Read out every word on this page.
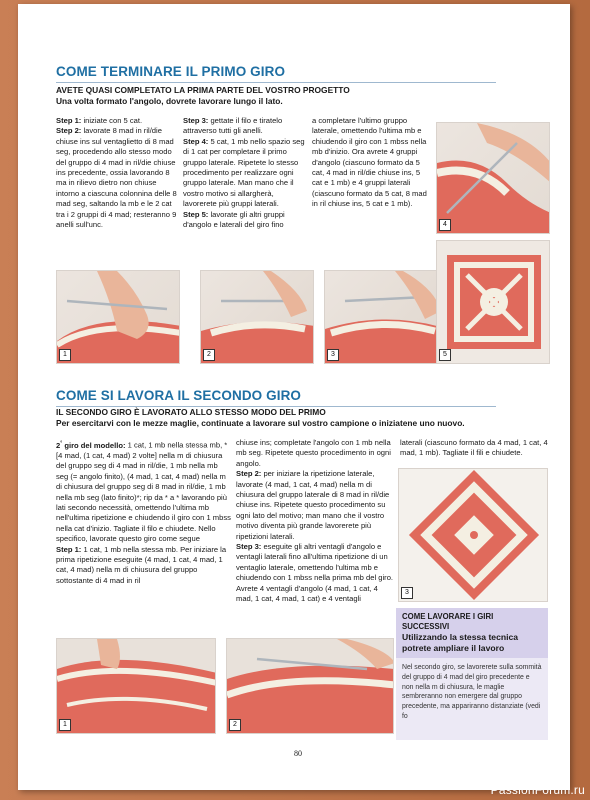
COME TERMINARE IL PRIMO GIRO
AVETE QUASI COMPLETATO LA PRIMA PARTE DEL VOSTRO PROGETTO
Una volta formato l'angolo, dovrete lavorare lungo il lato.

Step 1: iniziate con 5 cat.

Step 2: lavorate 8 mad in ril/die chiuse ins sul ventaglietto di 8 mad seg, procedendo allo stesso modo del gruppo di 4 mad in ril/die chiuse ins precedente, ossia lavorando 8 ma in rilievo dietro non chiuse intorno a ciascuna colonnina delle 8 mad seg, saltando la mb e le 2 cat tra i 2 gruppi di 4 mad; resteranno 9 anelli sull'unc.

Step 3: gettate il filo e tiratelo attraverso tutti gli anelli.

Step 4: 5 cat, 1 mb nello spazio seg di 1 cat per completare il primo gruppo laterale. Ripetete lo stesso procedimento per realizzare ogni gruppo laterale. Man mano che il vostro motivo si allargherà, lavorerete più gruppi laterali.

Step 5: lavorate gli altri gruppi d'angolo e laterali del giro fino

a completare l'ultimo gruppo laterale, omettendo l'ultima mb e chiudendo il giro con 1 mbss nella mb d'inizio. Ora avrete 4 gruppi d'angolo (ciascuno formato da 5 cat, 4 mad in ril/die chiuse ins, 5 cat e 1 mb) e 4 gruppi laterali (ciascuno formato da 5 cat, 8 mad in ril chiuse ins, 5 cat e 1 mb).
1	2	3
4
5
COME SI LAVORA IL SECONDO GIRO
IL SECONDO GIRO È LAVORATO ALLO STESSO MODO DEL PRIMO
Per esercitarvi con le mezze maglie, continuate a lavorare sul vostro campione o iniziatene uno nuovo.

2° giro del modello: 1 cat, 1 mb nella stessa mb, *[4 mad, (1 cat, 4 mad) 2 volte] nella m di chiusura del gruppo seg di 4 mad in ril/die, 1 mb nella mb seg (= angolo finito), (4 mad, 1 cat, 4 mad) nella m di chiusura del gruppo seg di 8 mad in ril/die, 1 mb nella mb seg (lato finito)*; rip da * a * lavorando più lati secondo necessità, omettendo l'ultima mb nell'ultima ripetizione e chiudendo il giro con 1 mbss nella cat d'inizio. Tagliate il filo e chiudete. Nello specifico, lavorate questo giro come segue

Step 1: 1 cat, 1 mb nella stessa mb. Per iniziare la prima ripetizione eseguite (4 mad, 1 cat, 4 mad, 1 cat, 4 mad) nella m di chiusura del gruppo sottostante di 4 mad in ril

chiuse ins; completate l'angolo con 1 mb nella mb seg. Ripetete questo procedimento in ogni angolo.

Step 2: per iniziare la ripetizione laterale, lavorate (4 mad, 1 cat, 4 mad) nella m di chiusura del gruppo laterale di 8 mad in ril/die chiuse ins. Ripetete questo procedimento su ogni lato del motivo; man mano che il vostro motivo diventa più grande lavorerete più ripetizioni laterali.

Step 3: eseguite gli altri ventagli d'angolo e ventagli laterali fino all'ultima ripetizione di un ventaglio laterale, omettendo l'ultima mb e chiudendo con 1 mbss nella prima mb del giro. Avrete 4 ventagli d'angolo (4 mad, 1 cat, 4 mad, 1 cat, 4 mad, 1 cat) e 4 ventagli

laterali (ciascuno formato da 4 mad, 1 cat, 4 mad, 1 mb). Tagliate il fili e chiudete.
1	2
3
COME LAVORARE I GIRI SUCCESSIVI
Utilizzando la stessa tecnica potrete ampliare il lavoro
Nel secondo giro, se lavorerete sulla sommità del gruppo di 4 mad del giro precedente e non nella m di chiusura, le maglie sembreranno non emergere dal gruppo precedente, ma appariranno distanziate (vedi fo
80
PassionForum.ru
